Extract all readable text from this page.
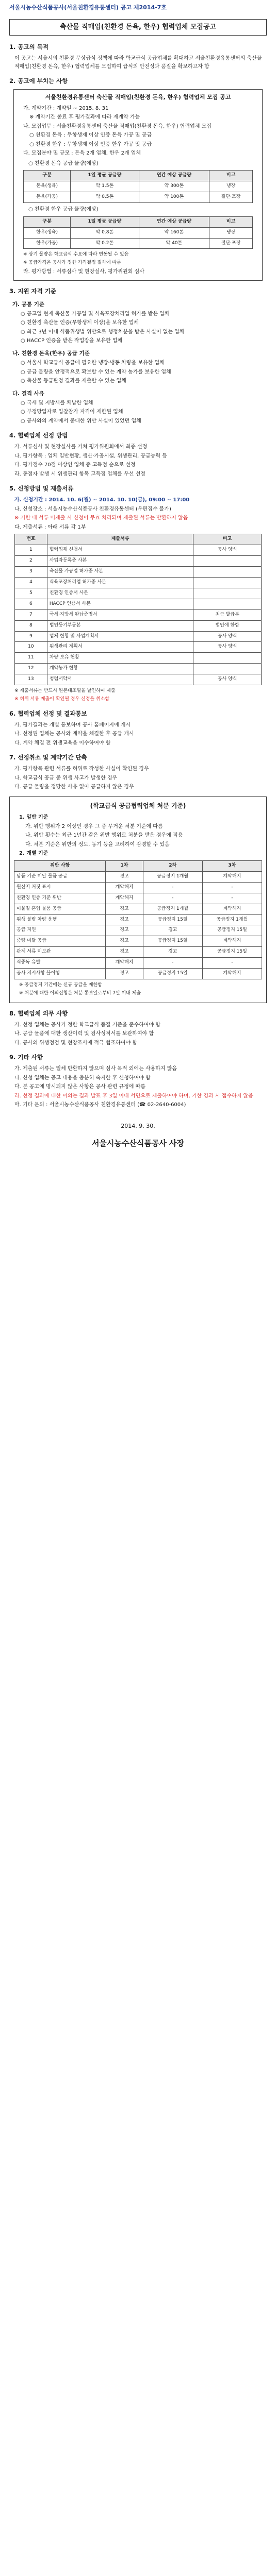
서울시농수산식품공사(서울친환경유통센터) 공고 제2014-7호
축산물 직매입(친환경 돈육, 한우) 협력업체 모집공고
1. 공고의 목적

이 공고는 서울시의 친환경 무상급식 정책에 따라 학교급식 공급업체를 확대하고 서울친환경유통센터의 축산물 직매입(친환경 돈육, 한우) 협력업체를 모집하여 급식의 안전성과 품질을 확보하고자 함

2. 공고에 부치는 사항
서울친환경유통센터 축산물 직매입(친환경 돈육, 한우) 협력업체 모집 공고

가. 계약기간 : 계약일 ~ 2015. 8. 31

※ 계약기간 종료 후 평가결과에 따라 재계약 가능

나. 모집업무 : 서울친환경유통센터 축산물 직매입(친환경 돈육, 한우) 협력업체 모집

○ 친환경 돈육 : 무항생제 이상 인증 돈육 가공 및 공급

○ 친환경 한우 : 무항생제 이상 인증 한우 가공 및 공급

다. 모집분야 및 규모 : 돈육 2개 업체, 한우 2개 업체

○ 친환경 돈육 공급 물량(예상)

구분	1일 평균 공급량	연간 예상 공급량	비고
돈육(생육)	약 1.5톤	약 300톤	냉장
돈육(가공)	약 0.5톤	약 100톤	절단·포장

○ 친환경 한우 공급 물량(예상)

구분	1일 평균 공급량	연간 예상 공급량	비고
한우(생육)	약 0.8톤	약 160톤	냉장
한우(가공)	약 0.2톤	약 40톤	절단·포장

※ 상기 물량은 학교급식 수요에 따라 변동될 수 있음

※ 공급가격은 공사가 정한 가격결정 절차에 따름

라. 평가방법 : 서류심사 및 현장실사, 평가위원회 심사

3. 지원 자격 기준
가. 공통 기준

○ 공고일 현재 축산물 가공업 및 식육포장처리업 허가를 받은 업체

○ 친환경 축산물 인증(무항생제 이상)을 보유한 업체

○ 최근 3년 이내 식품위생법 위반으로 행정처분을 받은 사실이 없는 업체

○ HACCP 인증을 받은 작업장을 보유한 업체

나. 친환경 돈육(한우) 공급 기준

○ 서울시 학교급식 공급에 필요한 냉장·냉동 차량을 보유한 업체

○ 공급 물량을 안정적으로 확보할 수 있는 계약 농가를 보유한 업체

○ 축산물 등급판정 결과를 제출할 수 있는 업체

다. 결격 사유

○ 국세 및 지방세를 체납한 업체

○ 부정당업자로 입찰참가 자격이 제한된 업체

○ 공사와의 계약에서 중대한 위반 사실이 있었던 업체

4. 협력업체 선정 방법

가. 서류심사 및 현장실사를 거쳐 평가위원회에서 최종 선정

나. 평가항목 : 업체 일반현황, 생산·가공시설, 위생관리, 공급능력 등

다. 평가점수 70점 이상인 업체 중 고득점 순으로 선정

라. 동점자 발생 시 위생관리 항목 고득점 업체를 우선 선정

5. 신청방법 및 제출서류

가. 신청기간 : 2014. 10. 6(월) ~ 2014. 10. 10(금), 09:00 ~ 17:00

나. 신청장소 : 서울시농수산식품공사 친환경유통센터 (우편접수 불가)

※ 기한 내 서류 미제출 시 신청이 무효 처리되며 제출된 서류는 반환하지 않음

다. 제출서류 : 아래 서류 각 1부

번호	제출서류	비고
1	협력업체 신청서	공사 양식
2	사업자등록증 사본	
3	축산물 가공업 허가증 사본	
4	식육포장처리업 허가증 사본	
5	친환경 인증서 사본	
6	HACCP 인증서 사본	
7	국세·지방세 완납증명서	최근 발급분
8	법인등기부등본	법인에 한함
9	업체 현황 및 사업계획서	공사 양식
10	위생관리 계획서	공사 양식
11	차량 보유 현황	
12	계약농가 현황	
13	청렴서약서	공사 양식

※ 제출서류는 반드시 원본대조필을 날인하여 제출

※ 허위 서류 제출이 확인될 경우 선정을 취소함

6. 협력업체 선정 및 결과통보

가. 평가결과는 개별 통보하며 공사 홈페이지에 게시

나. 선정된 업체는 공사와 계약을 체결한 후 공급 개시

다. 계약 체결 전 위생교육을 이수하여야 함

7. 선정취소 및 계약기간 단축

가. 평가항목 관련 서류를 허위로 작성한 사실이 확인된 경우

나. 학교급식 공급 중 위생 사고가 발생한 경우

다. 공급 물량을 정당한 사유 없이 공급하지 않은 경우

(학교급식 공급협력업체 처분 기준)

1. 일반 기준

가. 위반 행위가 2 이상인 경우 그 중 무거운 처분 기준에 따름

나. 위반 횟수는 최근 1년간 같은 위반 행위로 처분을 받은 경우에 적용

다. 처분 기준은 위반의 정도, 동기 등을 고려하여 감경할 수 있음

2. 개별 기준

위반 사항	1차	2차	3차
납품 기준 미달 물품 공급	경고	공급정지 1개월	계약해지
원산지 거짓 표시	계약해지	-	-
친환경 인증 기준 위반	계약해지	-	-
이물질 혼입 물품 공급	경고	공급정지 1개월	계약해지
위생 불량 차량 운행	경고	공급정지 15일	공급정지 1개월
공급 지연	경고	경고	공급정지 15일
중량 미달 공급	경고	공급정지 15일	계약해지
관계 서류 미보관	경고	경고	공급정지 15일
식중독 유발	계약해지	-	-
공사 지시사항 불이행	경고	공급정지 15일	계약해지

※ 공급정지 기간에는 신규 공급을 제한함

※ 처분에 대한 이의신청은 처분 통보일로부터 7일 이내 제출

8. 협력업체 의무 사항

가. 선정 업체는 공사가 정한 학교급식 품질 기준을 준수하여야 함

나. 공급 물품에 대한 생산이력 및 검사성적서를 보관하여야 함

다. 공사의 위생점검 및 현장조사에 적극 협조하여야 함

9. 기타 사항

가. 제출된 서류는 일체 반환하지 않으며 심사 목적 외에는 사용하지 않음

나. 신청 업체는 공고 내용을 충분히 숙지한 후 신청하여야 함

다. 본 공고에 명시되지 않은 사항은 공사 관련 규정에 따름

라. 선정 결과에 대한 이의는 결과 발표 후 3일 이내 서면으로 제출하여야 하며, 기한 경과 시 접수하지 않음

마. 기타 문의 : 서울시농수산식품공사 친환경유통센터 (☎ 02-2640-6004)

2014. 9. 30.
서울시농수산식품공사 사장
